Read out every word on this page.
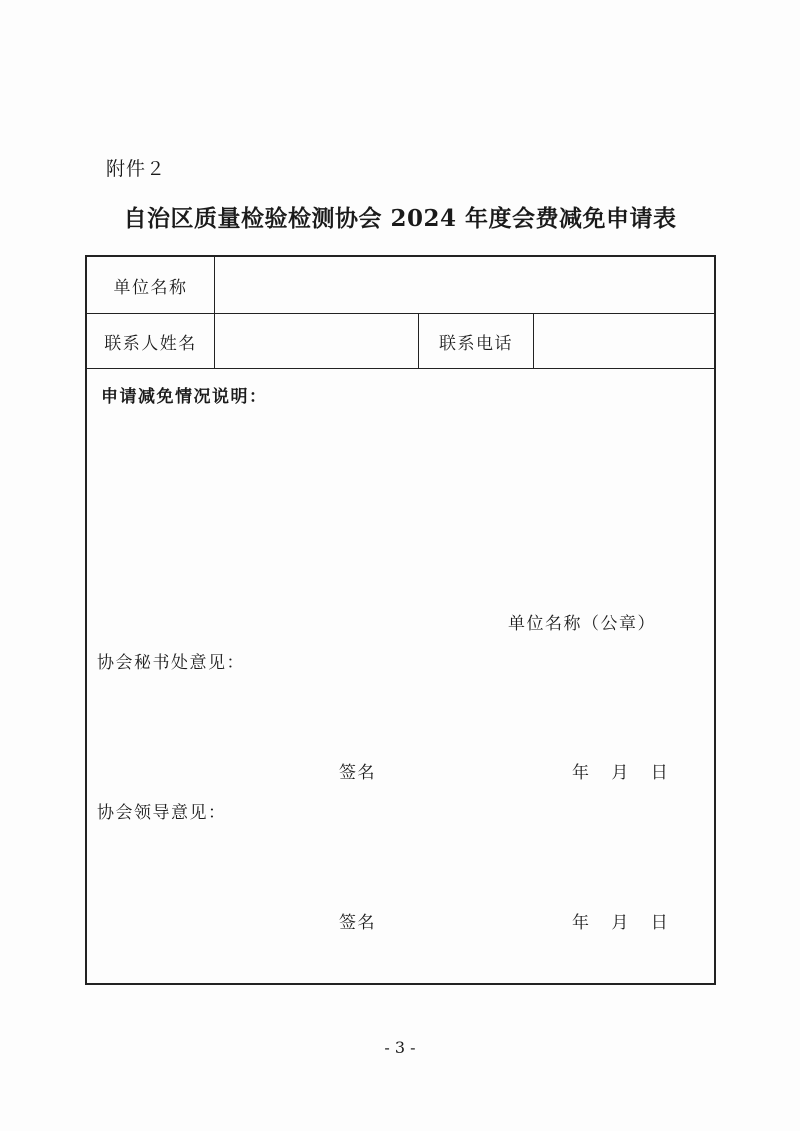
附件２
自治区质量检验检测协会 2024 年度会费减免申请表
单位名称
联系人姓名	联系电话
申请减免情况说明：
单位名称（公章）
协会秘书处意见：
签名	年 月 日
协会领导意见：
签名	年 月 日
- 3 -
